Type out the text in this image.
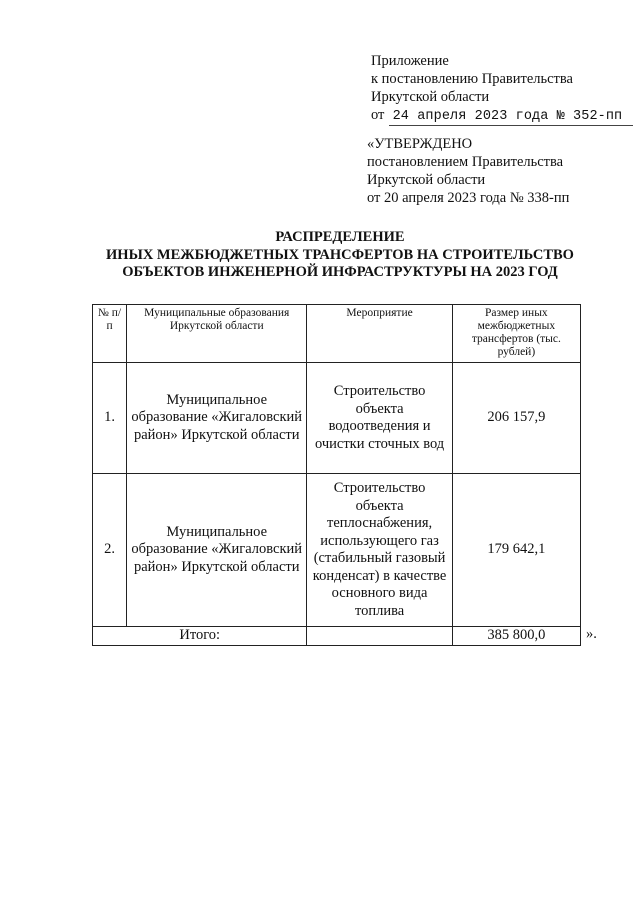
Приложение
к постановлению Правительства
Иркутской области
от 24 апреля 2023 года № 352-пп
«УТВЕРЖДЕНО
постановлением Правительства
Иркутской области
от 20 апреля 2023 года № 338-пп
РАСПРЕДЕЛЕНИЕ
ИНЫХ МЕЖБЮДЖЕТНЫХ ТРАНСФЕРТОВ НА СТРОИТЕЛЬСТВО
ОБЪЕКТОВ ИНЖЕНЕРНОЙ ИНФРАСТРУКТУРЫ НА 2023 ГОД
№ п/п	Муниципальные образования Иркутской области	Мероприятие	Размер иных межбюджетных трансфертов (тыс. рублей)
1.	Муниципальное образование «Жигаловский район» Иркутской области	Строительство объекта водоотведения и очистки сточных вод	206 157,9
2.	Муниципальное образование «Жигаловский район» Иркутской области	Строительство объекта теплоснабжения, использующего газ (стабильный газовый конденсат) в качестве основного вида топлива	179 642,1
Итого:			385 800,0	».
